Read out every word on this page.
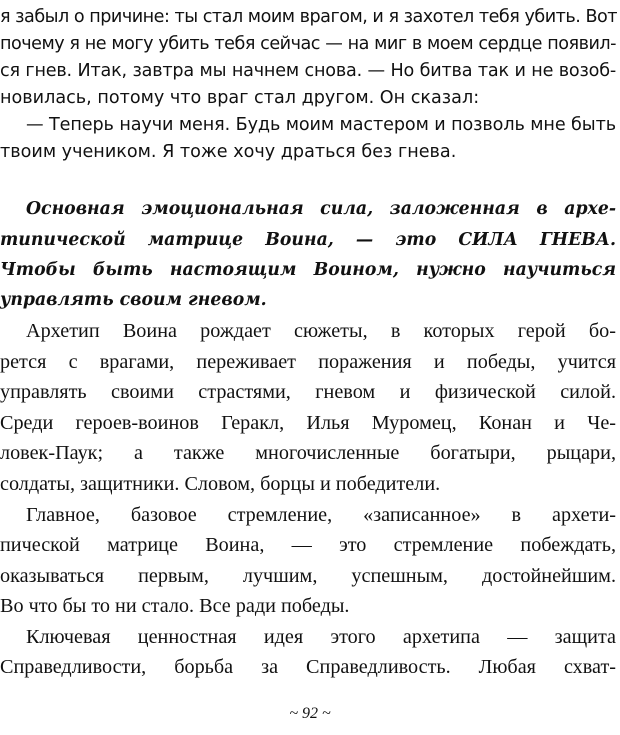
я забыл о причине: ты стал моим врагом, и я захотел тебя убить. Вот
почему я не могу убить тебя сейчас — на миг в моем сердце появил-
ся гнев. Итак, завтра мы начнем снова. — Но битва так и не возоб-
новилась, потому что враг стал другом. Он сказал:
— Теперь научи меня. Будь моим мастером и позволь мне быть
твоим учеником. Я тоже хочу драться без гнева.
Основная эмоциональная сила, заложенная в архе-
типической матрице Воина, — это СИЛА ГНЕВА.
Чтобы быть настоящим Воином, нужно научиться
управлять своим гневом.
Архетип Воина рождает сюжеты, в которых герой бо-
рется с врагами, переживает поражения и победы, учится
управлять своими страстями, гневом и физической силой.
Среди героев-воинов Геракл, Илья Муромец, Конан и Че-
ловек-Паук; а также многочисленные богатыри, рыцари,
солдаты, защитники. Словом, борцы и победители.
Главное, базовое стремление, «записанное» в архети-
пической матрице Воина, — это стремление побеждать,
оказываться первым, лучшим, успешным, достойнейшим.
Во что бы то ни стало. Все ради победы.
Ключевая ценностная идея этого архетипа — защита
Справедливости, борьба за Справедливость. Любая схват-
~ 92 ~
